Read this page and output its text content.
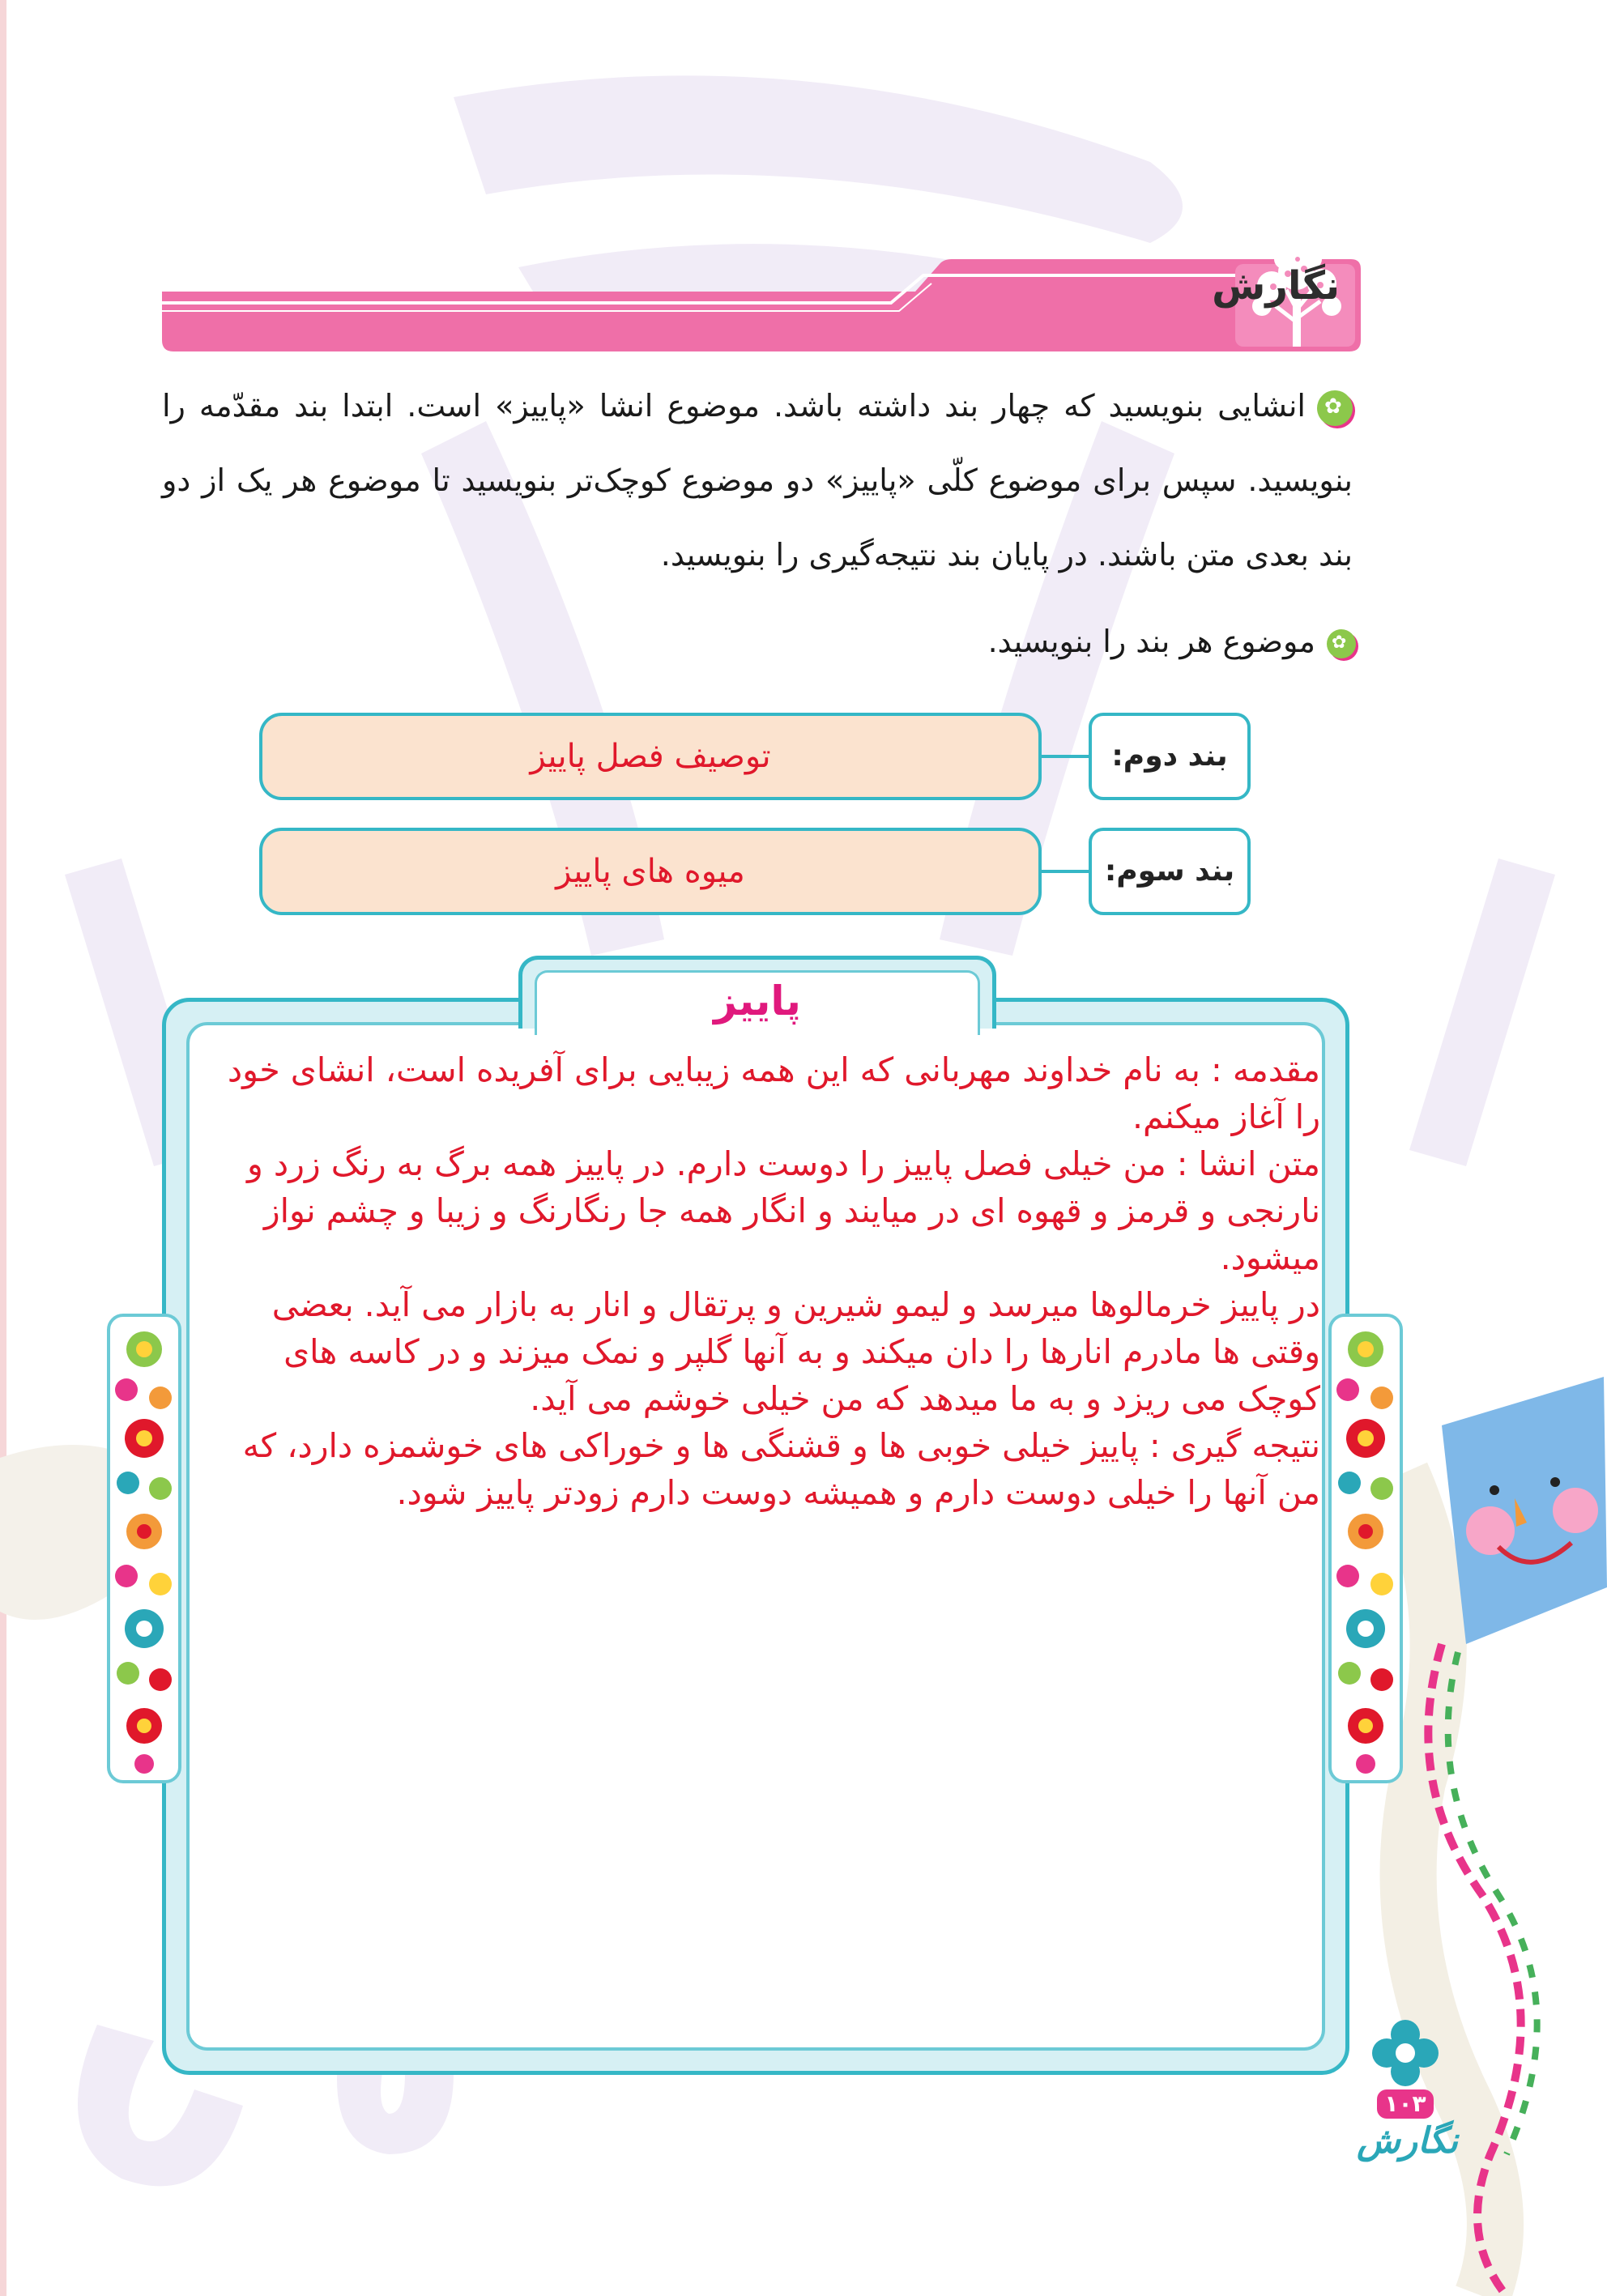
نگارش
✿انشایی بنویسید که چهار بند داشته باشد. موضوع انشا «پاییز» است. ابتدا بند مقدّمه را بنویسید. سپس برای موضوع کلّی «پاییز» دو موضوع کوچک‌تر بنویسید تا موضوع هر یک از دو بند بعدی متن باشند. در پایان بند نتیجه‌گیری را بنویسید.
✿موضوع هر بند را بنویسید.
توصیف فصل پاییز	بند دوم:
میوه های پاییز	بند سوم:
پاییز

مقدمه : به نام خداوند مهربانی که این همه زیبایی برای آفریده است، انشای خود را آغاز میکنم.

متن انشا : من خیلی فصل پاییز را دوست دارم. در پاییز همه برگ به رنگ زرد و نارنجی و قرمز و قهوه ای در میایند و انگار همه جا رنگارنگ و زیبا و چشم نواز میشود.

در پاییز خرمالوها میرسد و لیمو شیرین و پرتقال و انار به بازار می آید. بعضی وقتی ها مادرم انارها را دان میکند و به آنها گلپر و نمک میزند و در کاسه های کوچک می ریزد و به ما میدهد که من خیلی خوشم می آید.

نتیجه گیری : پاییز خیلی خوبی ها و قشنگی ها و خوراکی های خوشمزه دارد، که من آنها را خیلی دوست دارم و همیشه دوست دارم زودتر پاییز شود.

۱۰۳
نگارش
